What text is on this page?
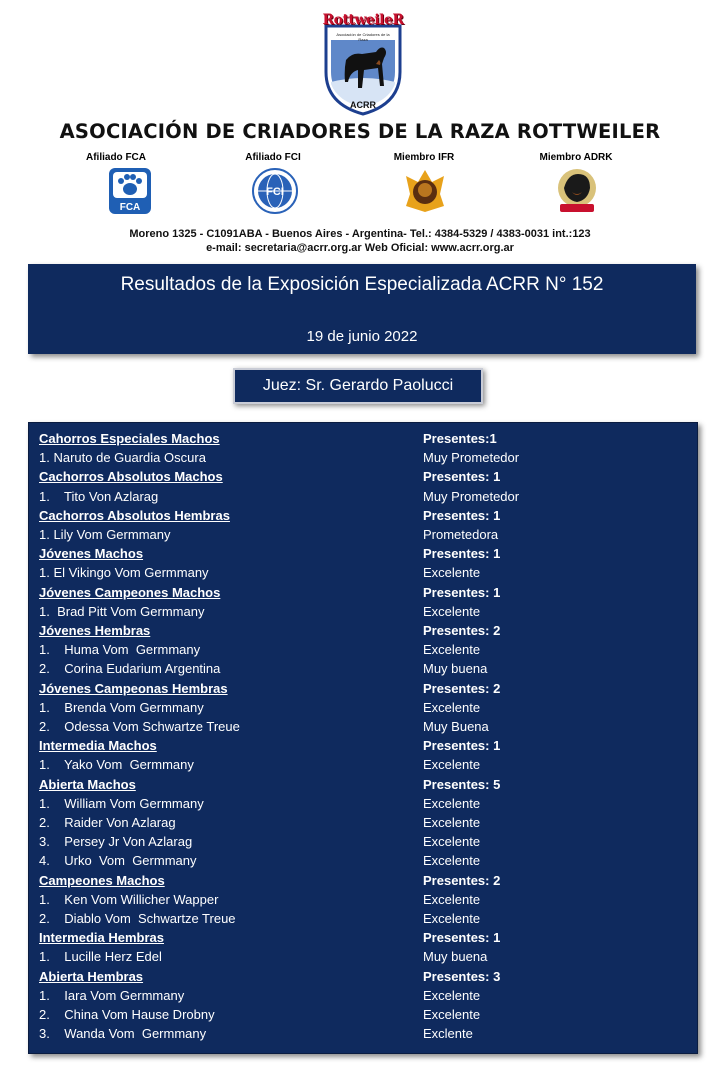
RottweileR
Asociación de Criadores de la Raza
ACRR
ASOCIACIÓN DE CRIADORES DE LA RAZA ROTTWEILER
Afiliado FCA	Afiliado FCI	Miembro IFR	Miembro ADRK
FCA
FCI
Moreno 1325 - C1091ABA - Buenos Aires - Argentina- Tel.: 4384-5329 / 4383-0031 int.:123
e-mail: secretaria@acrr.org.ar Web Oficial: www.acrr.org.ar
Resultados de la Exposición Especializada ACRR N° 152
19 de junio 2022
Juez: Sr. Gerardo Paolucci
Cahorros Especiales Machos	Presentes:1
1. Naruto de Guardia Oscura	Muy Prometedor
Cachorros Absolutos Machos	Presentes: 1
1.    Tito Von Azlarag	Muy Prometedor
Cachorros Absolutos Hembras	Presentes: 1
1. Lily Vom Germmany	Prometedora
Jóvenes Machos	Presentes: 1
1. El Vikingo Vom Germmany	Excelente
Jóvenes Campeones Machos	Presentes: 1
1.  Brad Pitt Vom Germmany	Excelente
Jóvenes Hembras	Presentes: 2
1.    Huma Vom  Germmany	Excelente
2.    Corina Eudarium Argentina	Muy buena
Jóvenes Campeonas Hembras	Presentes: 2
1.    Brenda Vom Germmany	Excelente
2.    Odessa Vom Schwartze Treue	Muy Buena
Intermedia Machos	Presentes: 1
1.    Yako Vom  Germmany	Excelente
Abierta Machos	Presentes: 5
1.    William Vom Germmany	Excelente
2.    Raider Von Azlarag	Excelente
3.    Persey Jr Von Azlarag	Excelente
4.    Urko  Vom  Germmany	Excelente
Campeones Machos	Presentes: 2
1.    Ken Vom Willicher Wapper	Excelente
2.    Diablo Vom  Schwartze Treue	Excelente
Intermedia Hembras	Presentes: 1
1.    Lucille Herz Edel	Muy buena
Abierta Hembras	Presentes: 3
1.    Iara Vom Germmany	Excelente
2.    China Vom Hause Drobny	Excelente
3.    Wanda Vom  Germmany	Exclente
